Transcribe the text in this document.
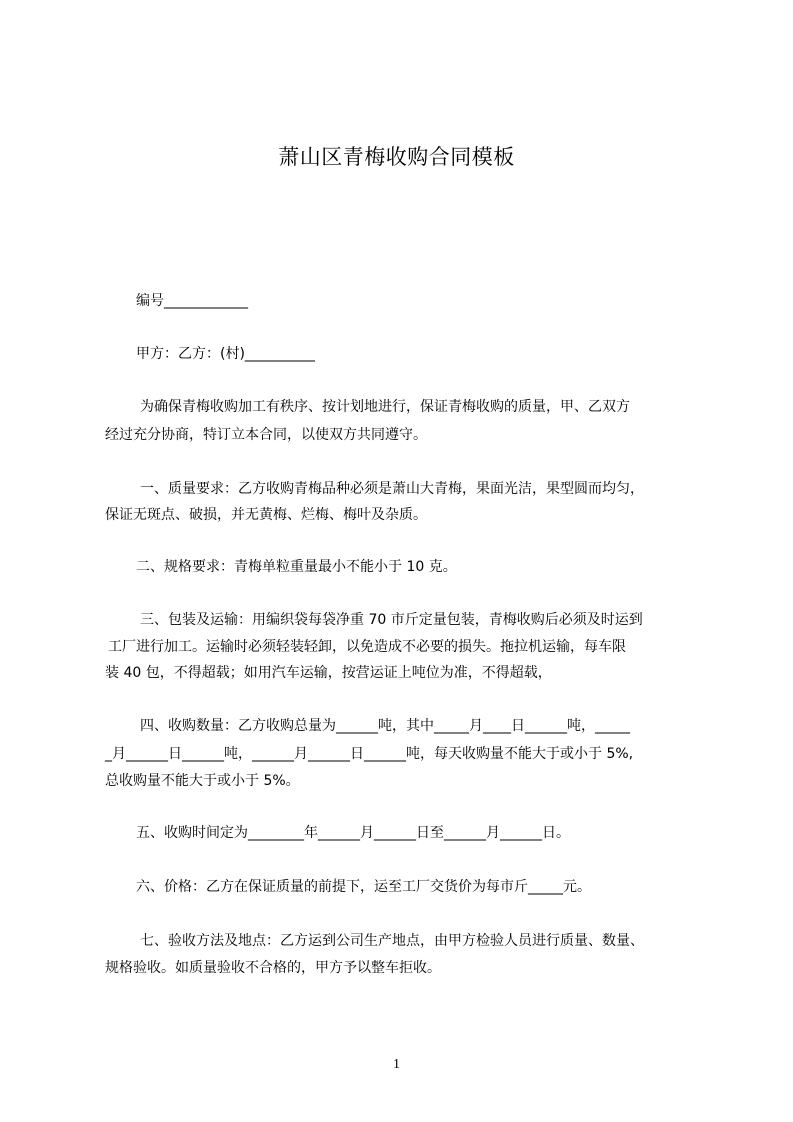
萧山区青梅收购合同模板
编号____________
甲方：乙方：(村)__________
为确保青梅收购加工有秩序、按计划地进行，保证青梅收购的质量，甲、乙双方
经过充分协商，特订立本合同，以使双方共同遵守。
一、质量要求：乙方收购青梅品种必须是萧山大青梅，果面光洁，果型圆而均匀，
保证无斑点、破损，并无黄梅、烂梅、梅叶及杂质。
二、规格要求：青梅单粒重量最小不能小于 10 克。
三、包装及运输：用编织袋每袋净重 70 市斤定量包装，青梅收购后必须及时运到
工厂进行加工。运输时必须轻装轻卸，以免造成不必要的损失。拖拉机运输，每车限
装 40 包，不得超载；如用汽车运输，按营运证上吨位为准，不得超载，
四、收购数量：乙方收购总量为______吨，其中_____月____日______吨，_____
_月______日______吨，______月______日______吨，每天收购量不能大于或小于 5%,
总收购量不能大于或小于 5%。
五、收购时间定为________年______月______日至______月______日。
六、价格：乙方在保证质量的前提下，运至工厂交货价为每市斤_____元。
七、验收方法及地点：乙方运到公司生产地点，由甲方检验人员进行质量、数量、
规格验收。如质量验收不合格的，甲方予以整车拒收。
1
